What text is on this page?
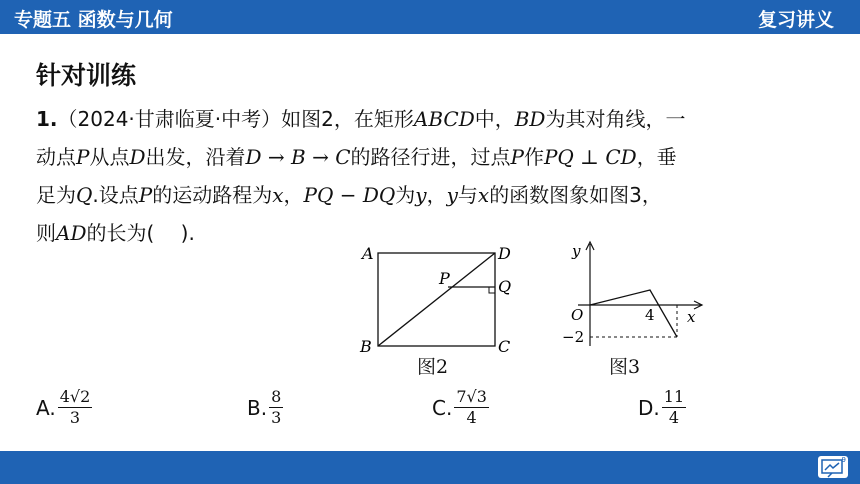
专题五 函数与几何	复习讲义
针对训练
1.（2024·甘肃临夏·中考）如图2，在矩形ABCD中，BD为其对角线，一
动点P从点D出发，沿着D → B → C的路径行进，过点P作PQ ⊥ CD，垂
足为Q.设点P的运动路程为x，PQ − DQ为y，y与x的函数图象如图3，
则AD的长为(　 ).
A	D
P	Q
B	C
图2
y
O	4 x
−2
图3
A. $\frac{4√2}{3}$	B. $\frac{8}{3}$	C. $\frac{7√3}{4}$	D. $\frac{11}{4}$
9
